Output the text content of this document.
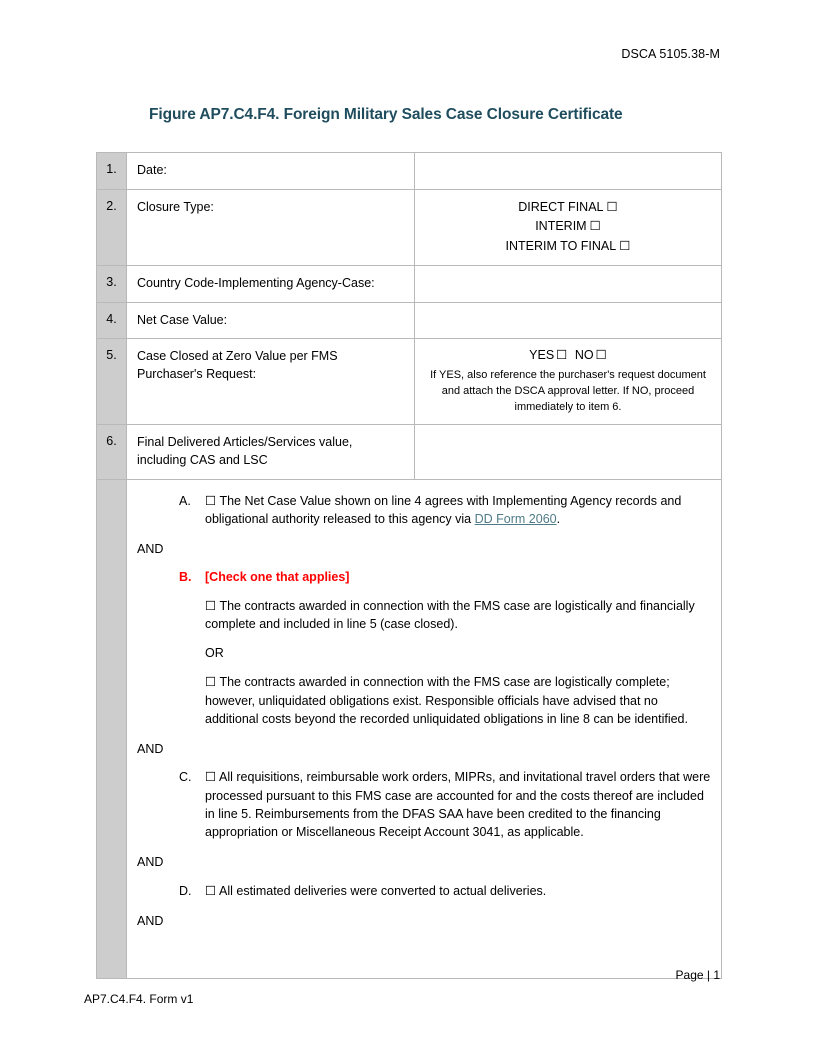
DSCA 5105.38-M
Figure AP7.C4.F4. Foreign Military Sales Case Closure Certificate
1.	Date:	
2.	Closure Type:	DIRECT FINAL ☐
INTERIM ☐
INTERIM TO FINAL ☐

3.	Country Code-Implementing Agency-Case:	
4.	Net Case Value:	
5.	Case Closed at Zero Value per FMS Purchaser's Request:	YES ☐ NO ☐
If YES, also reference the purchaser's request document and attach the DSCA approval letter. If NO, proceed immediately to item 6.

6.	Final Delivered Articles/Services value, including CAS and LSC	

A.	☐ The Net Case Value shown on line 4 agrees with Implementing Agency records and obligational authority released to this agency via DD Form 2060.
AND
B.	[Check one that applies]
☐ The contracts awarded in connection with the FMS case are logistically and financially complete and included in line 5 (case closed).
OR
☐ The contracts awarded in connection with the FMS case are logistically complete; however, unliquidated obligations exist. Responsible officials have advised that no additional costs beyond the recorded unliquidated obligations in line 8 can be identified.
AND
C.	☐ All requisitions, reimbursable work orders, MIPRs, and invitational travel orders that were processed pursuant to this FMS case are accounted for and the costs thereof are included in line 5. Reimbursements from the DFAS SAA have been credited to the financing appropriation or Miscellaneous Receipt Account 3041, as applicable.
AND
D.	☐ All estimated deliveries were converted to actual deliveries.
AND
Page | 1
AP7.C4.F4. Form v1
